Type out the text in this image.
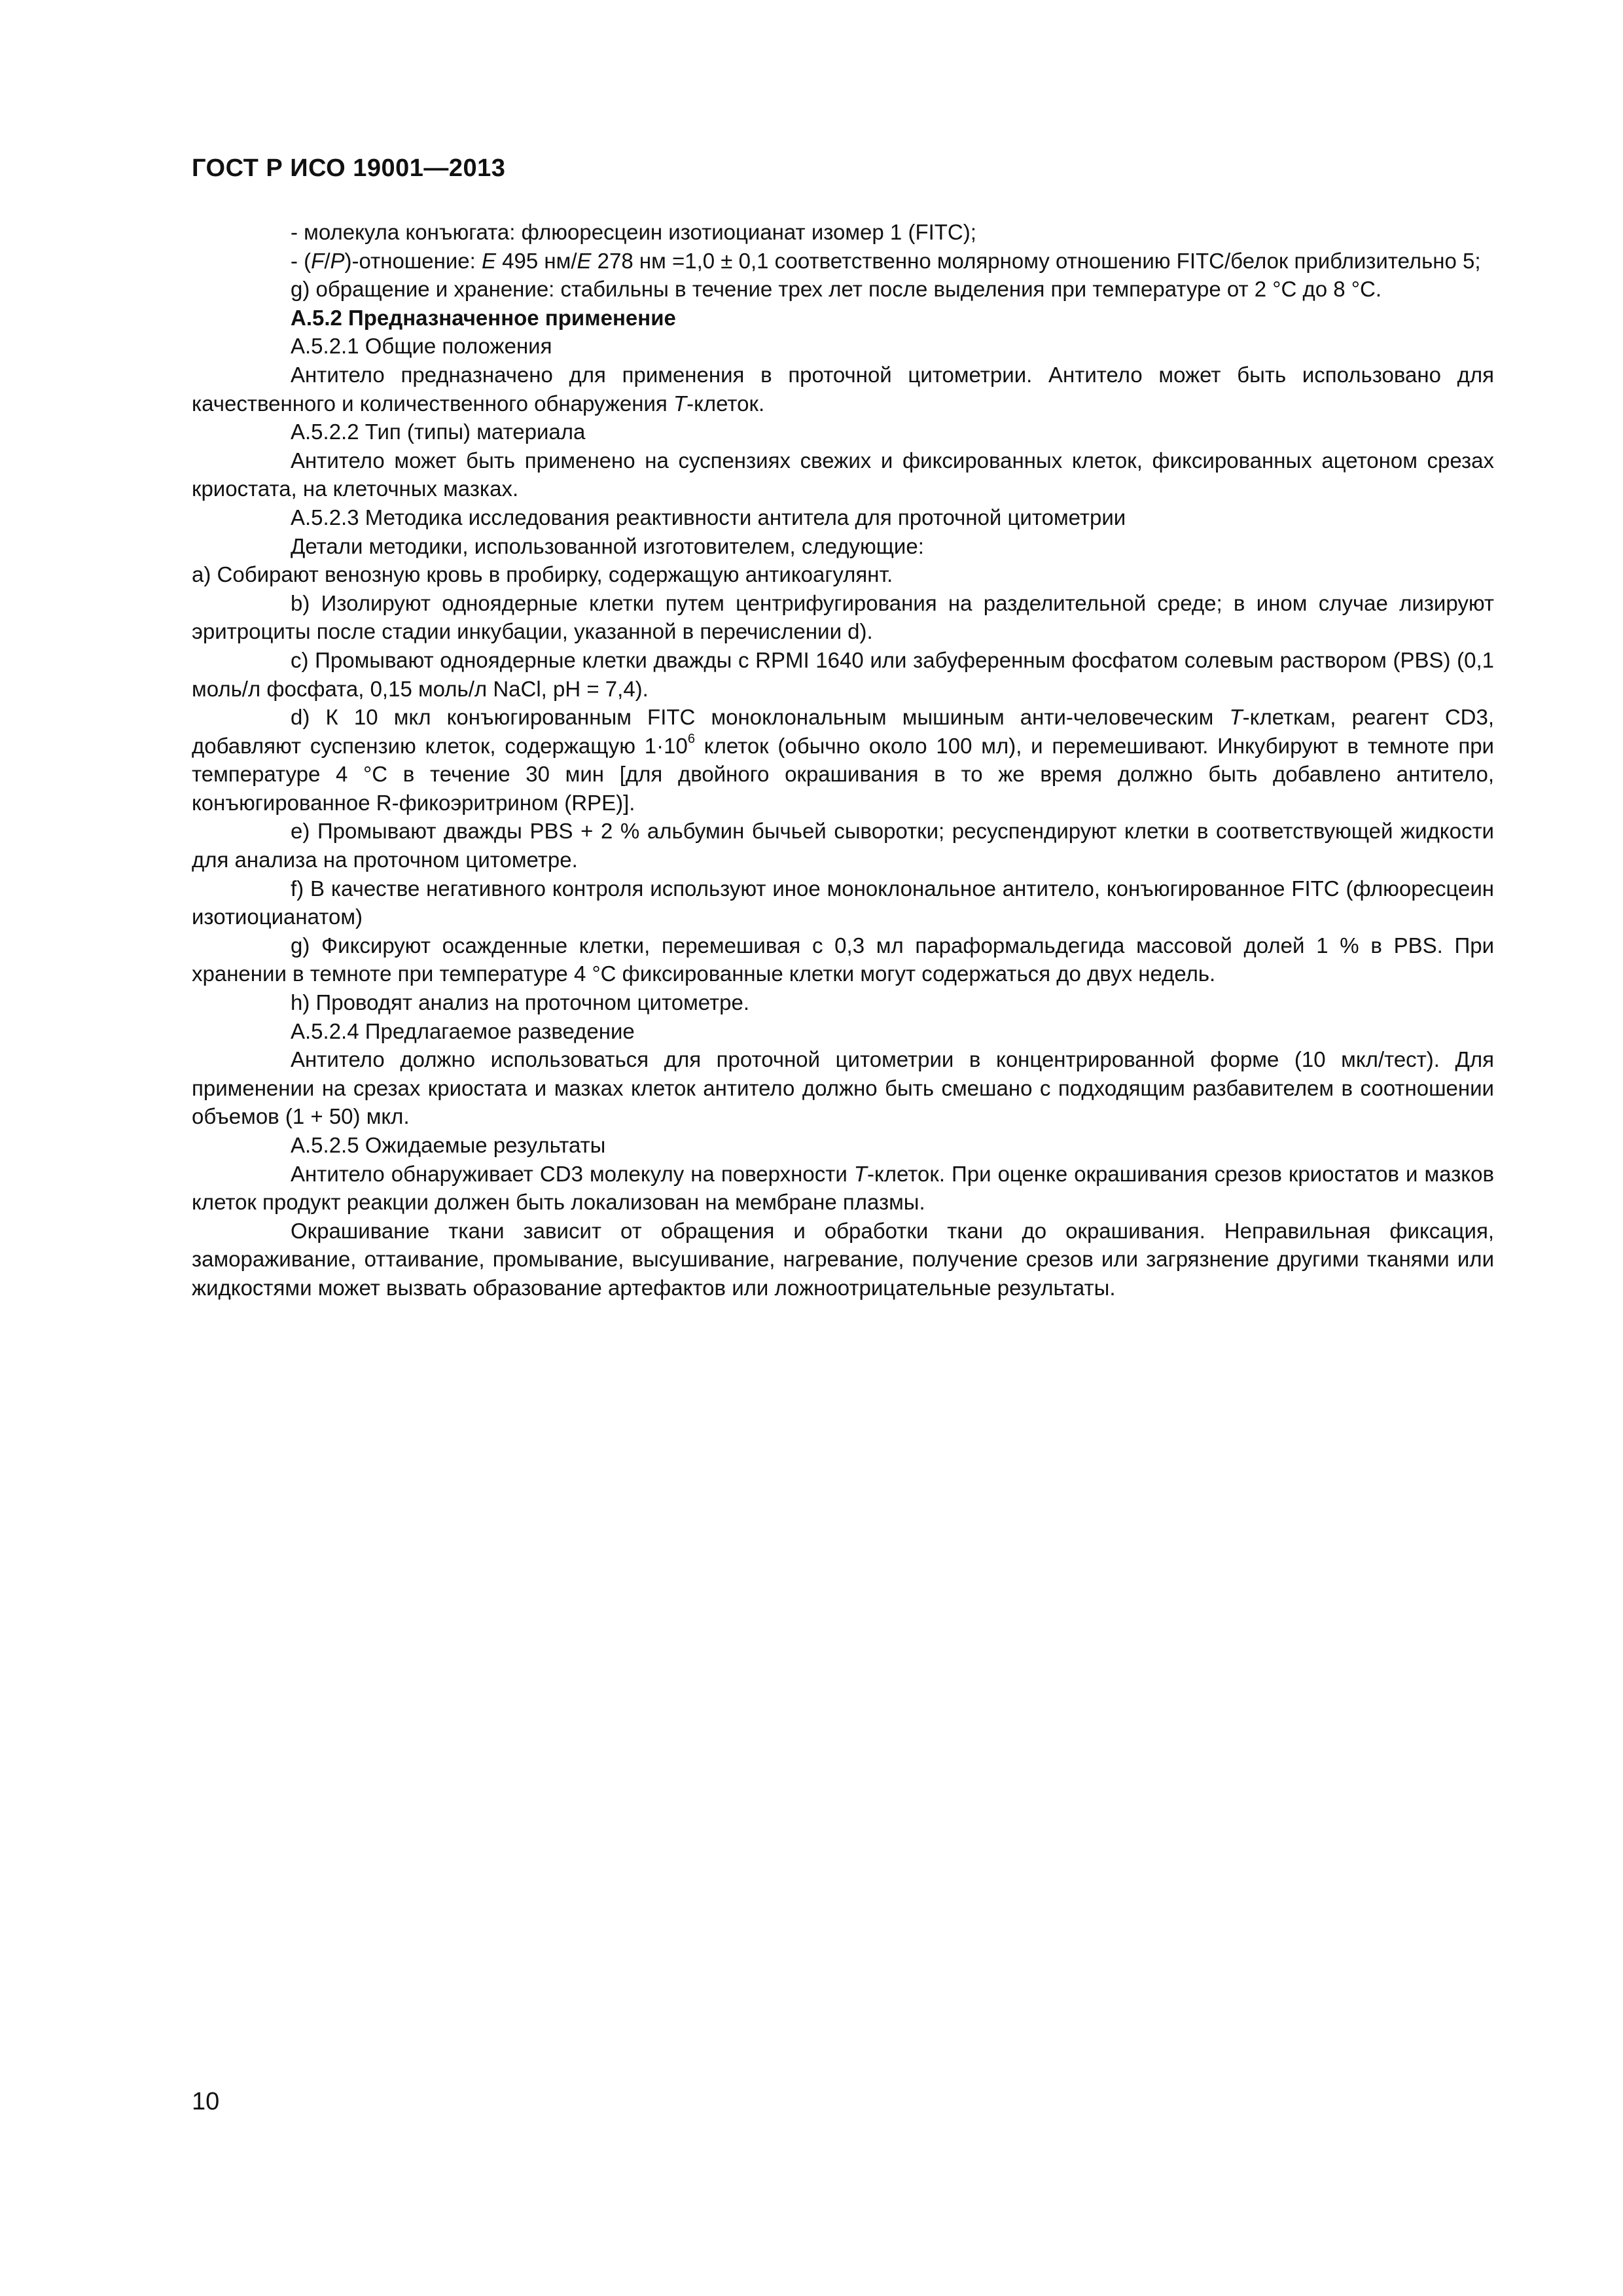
ГОСТ Р ИСО 19001—2013

- молекула конъюгата: флюоресцеин изотиоцианат изомер 1 (FITC);

- (F/P)-отношение: E 495 нм/E 278 нм =1,0 ± 0,1 соответственно молярному отношению FITC/белок приблизительно 5;

g) обращение и хранение: стабильны в течение трех лет после выделения при температуре от 2 °С до 8 °С.

А.5.2 Предназначенное применение

А.5.2.1 Общие положения

Антитело предназначено для применения в проточной цитометрии. Антитело может быть использовано для качественного и количественного обнаружения Т-клеток.

А.5.2.2 Тип (типы) материала

Антитело может быть применено на суспензиях свежих и фиксированных клеток, фиксированных ацетоном срезах криостата, на клеточных мазках.

А.5.2.3 Методика исследования реактивности антитела для проточной цитометрии

Детали методики, использованной изготовителем, следующие:

а) Собирают венозную кровь в пробирку, содержащую антикоагулянт.

b) Изолируют одноядерные клетки путем центрифугирования на разделительной среде; в ином случае лизируют эритроциты после стадии инкубации, указанной в перечислении d).

c) Промывают одноядерные клетки дважды с RPMI 1640 или забуференным фосфатом солевым раствором (PBS) (0,1 моль/л фосфата, 0,15 моль/л NaCl, рН = 7,4).

d) К 10 мкл конъюгированным FITC моноклональным мышиным анти-человеческим Т-клеткам, реагент CD3, добавляют суспензию клеток, содержащую $1\cdot 10^6$ клеток (обычно около 100 мл), и перемешивают. Инкубируют в темноте при температуре 4 °С в течение 30 мин [для двойного окрашивания в то же время должно быть добавлено антитело, конъюгированное R-фикоэритрином (RPE)].

е) Промывают дважды PBS + 2 % альбумин бычьей сыворотки; ресуспендируют клетки в соответствующей жидкости для анализа на проточном цитометре.

f) В качестве негативного контроля используют иное моноклональное антитело, конъюгированное FITC (флюоресцеин изотиоцианатом)

g) Фиксируют осажденные клетки, перемешивая с 0,3 мл параформальдегида массовой долей 1 % в PBS. При хранении в темноте при температуре 4 °С фиксированные клетки могут содержаться до двух недель.

h) Проводят анализ на проточном цитометре.

А.5.2.4 Предлагаемое разведение

Антитело должно использоваться для проточной цитометрии в концентрированной форме (10 мкл/тест). Для применении на срезах криостата и мазках клеток антитело должно быть смешано с подходящим разбавителем в соотношении объемов (1 + 50) мкл.

А.5.2.5 Ожидаемые результаты

Антитело обнаруживает CD3 молекулу на поверхности Т-клеток. При оценке окрашивания срезов криостатов и мазков клеток продукт реакции должен быть локализован на мембране плазмы.

Окрашивание ткани зависит от обращения и обработки ткани до окрашивания. Неправильная фиксация, замораживание, оттаивание, промывание, высушивание, нагревание, получение срезов или загрязнение другими тканями или жидкостями может вызвать образование артефактов или ложноотрицательные результаты.

10
